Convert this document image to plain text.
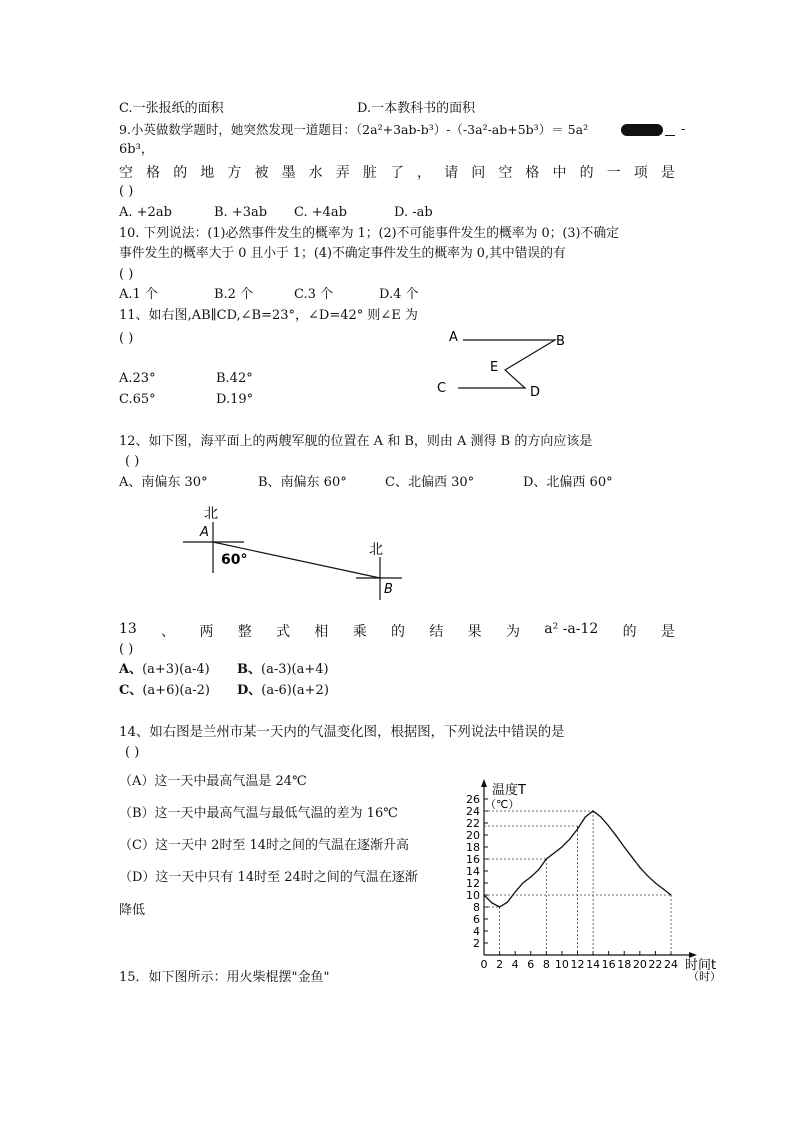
C.一张报纸的面积	D.一本教科书的面积
9.小英做数学题时，她突然发现一道题目：（2a²+3ab-b³）-（-3a²-ab+5b³）＝ 5a²	-
6b³，
空 格 的 地 方 被 墨 水 弄 脏 了 ， 请 问 空 格 中 的 一 项 是
( )
A. +2ab	B. +3ab C. +4ab	D. -ab
10. 下列说法：(1)必然事件发生的概率为 1；(2)不可能事件发生的概率为 0；(3)不确定
事件发生的概率大于 0 且小于 1；(4)不确定事件发生的概率为 0,其中错误的有
( )
A.1 个	B.2 个	C.3 个	D.4 个
11、如右图,AB∥CD,∠B=23°，∠D=42° 则∠E 为
( )
A.23°	B.42°
C.65°	D.19°
A	B
E
D
C
12、如下图，海平面上的两艘军舰的位置在 A 和 B，则由 A 测得 B 的方向应该是
( )
A、南偏东 30°	B、南偏东 60°	C、北偏西 30°	D、北偏西 60°
北
A
60°
北
B
13 、 两 整 式 相 乘 的 结 果 为 a² -a-12 的 是
( )
A、(a+3)(a-4) B、(a-3)(a+4)
C、(a+6)(a-2) D、(a-6)(a+2)
14、如右图是兰州市某一天内的气温变化图，根据图，下列说法中错误的是
( )
（A）这一天中最高气温是 24℃
（B）这一天中最高气温与最低气温的差为 16℃
（C）这一天中 2时至 14时之间的气温在逐渐升高
（D）这一天中只有 14时至 24时之间的气温在逐渐
降低
2
4
6
8
10
12
14
16
18
20
22
24
26
0 2 4 6 8 10 12 14 16 18 20 22 24
温度T
（℃）
时间t
（时）
15．如下图所示：用火柴棍摆"金鱼"
